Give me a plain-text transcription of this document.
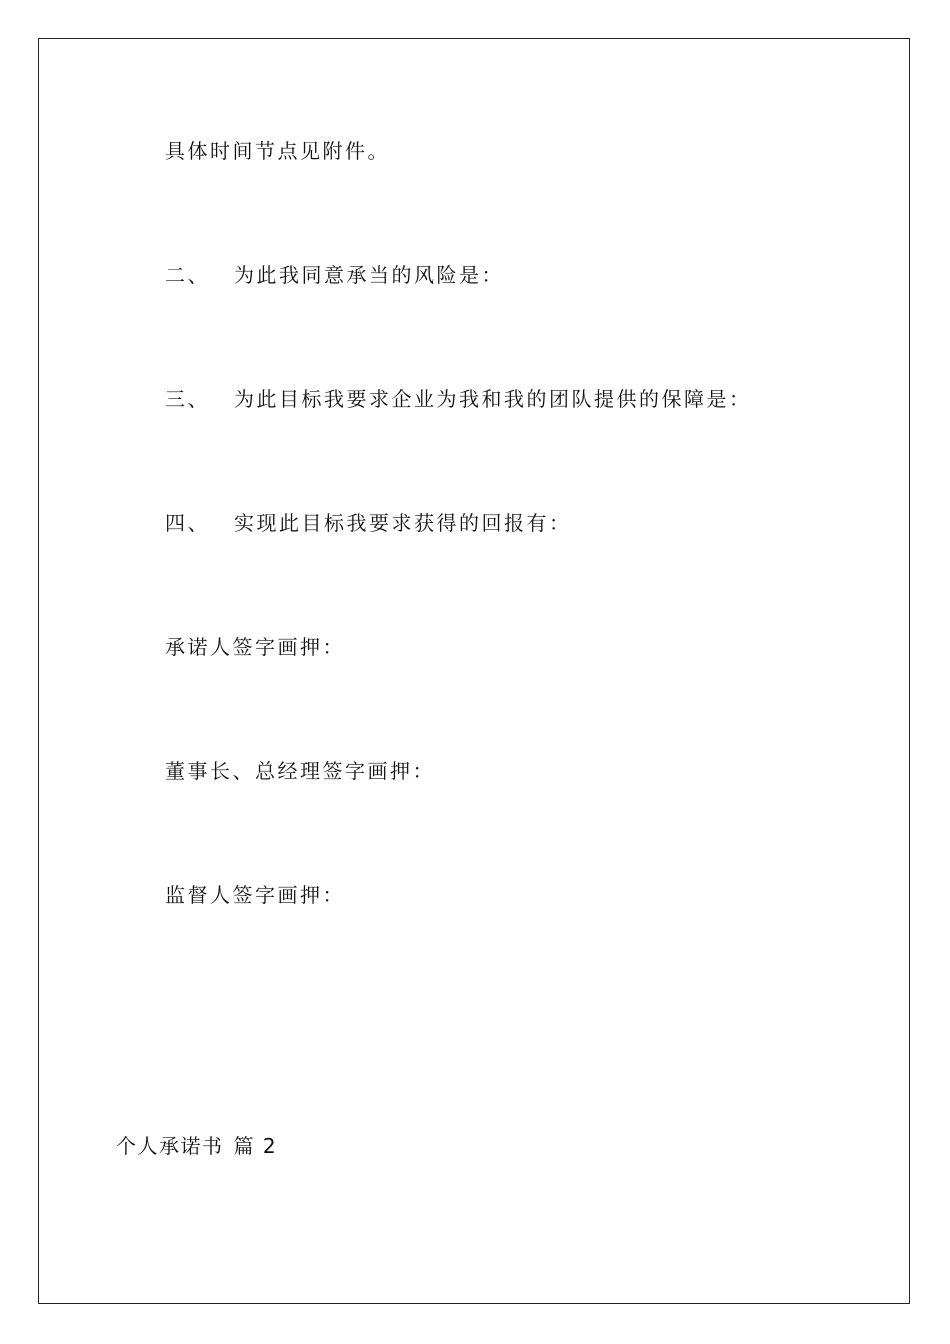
具体时间节点见附件。
二、 为此我同意承当的风险是：
三、 为此目标我要求企业为我和我的团队提供的保障是：
四、 实现此目标我要求获得的回报有：
承诺人签字画押：
董事长、总经理签字画押：
监督人签字画押：
个人承诺书 篇 2
